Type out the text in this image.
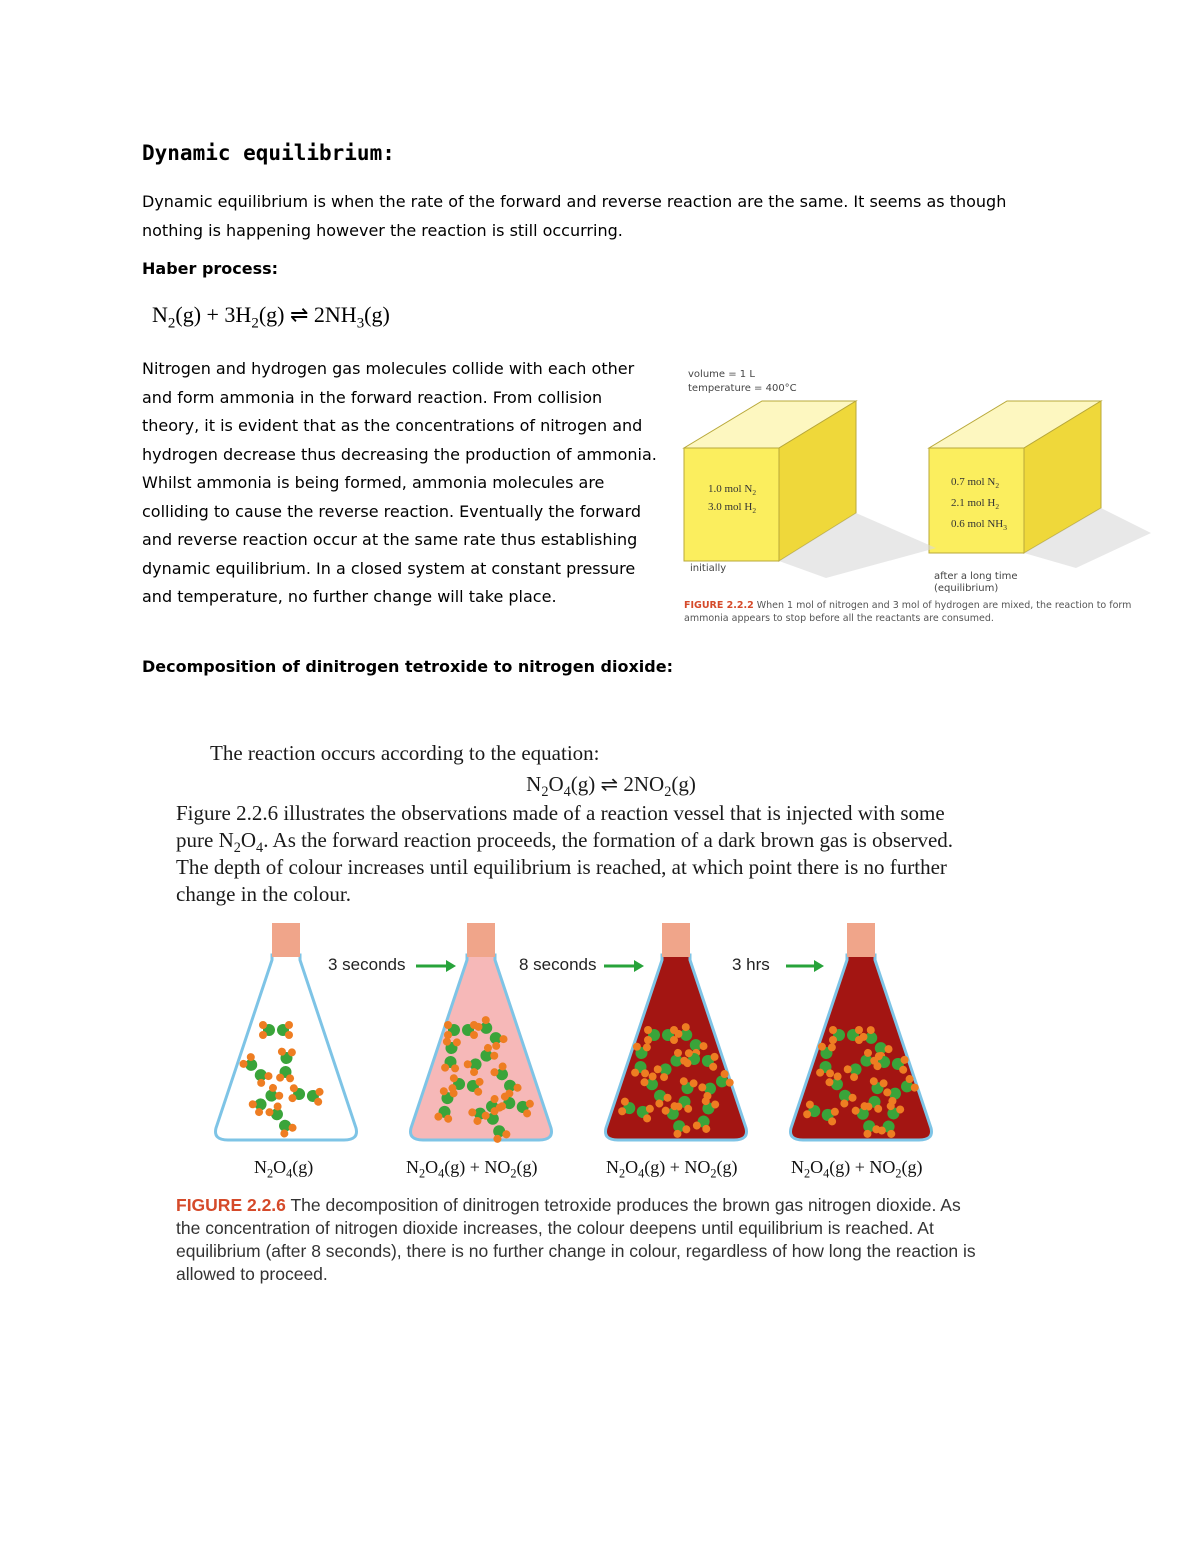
Dynamic equilibrium:
Dynamic equilibrium is when the rate of the forward and reverse reaction are the same. It seems as though nothing is happening however the reaction is still occurring.
Haber process:
$N_2(g) + 3H_2(g)$ ⇌ $2NH_3(g)$
Nitrogen and hydrogen gas molecules collide with each other and form ammonia in the forward reaction. From collision theory, it is evident that as the concentrations of nitrogen and hydrogen decrease thus decreasing the production of ammonia. Whilst ammonia is being formed, ammonia molecules are colliding to cause the reverse reaction. Eventually the forward and reverse reaction occur at the same rate thus establishing dynamic equilibrium. In a closed system at constant pressure and temperature, no further change will take place.
volume = 1 L
temperature = 400°C
1.0 mol $N_2$
3.0 mol $H_2$
0.7 mol $N_2$
2.1 mol $H_2$
0.6 mol $NH_3$
initially
after a long time
(equilibrium)
FIGURE 2.2.2 When 1 mol of nitrogen and 3 mol of hydrogen are mixed, the reaction to form ammonia appears to stop before all the reactants are consumed.
Decomposition of dinitrogen tetroxide to nitrogen dioxide:
The reaction occurs according to the equation:
$N_2O_4(g)$ ⇌ $2NO_2(g)$
Figure 2.2.6 illustrates the observations made of a reaction vessel that is injected with some pure $N_2O_4$. As the forward reaction proceeds, the formation of a dark brown gas is observed. The depth of colour increases until equilibrium is reached, at which point there is no further change in the colour.
3 seconds	8 seconds	3 hrs
$N_2O_4(g)$	$N_2O_4(g) + NO_2(g)$	$N_2O_4(g) + NO_2(g)$	$N_2O_4(g) + NO_2(g)$
FIGURE 2.2.6 The decomposition of dinitrogen tetroxide produces the brown gas nitrogen dioxide. As the concentration of nitrogen dioxide increases, the colour deepens until equilibrium is reached. At equilibrium (after 8 seconds), there is no further change in colour, regardless of how long the reaction is allowed to proceed.
